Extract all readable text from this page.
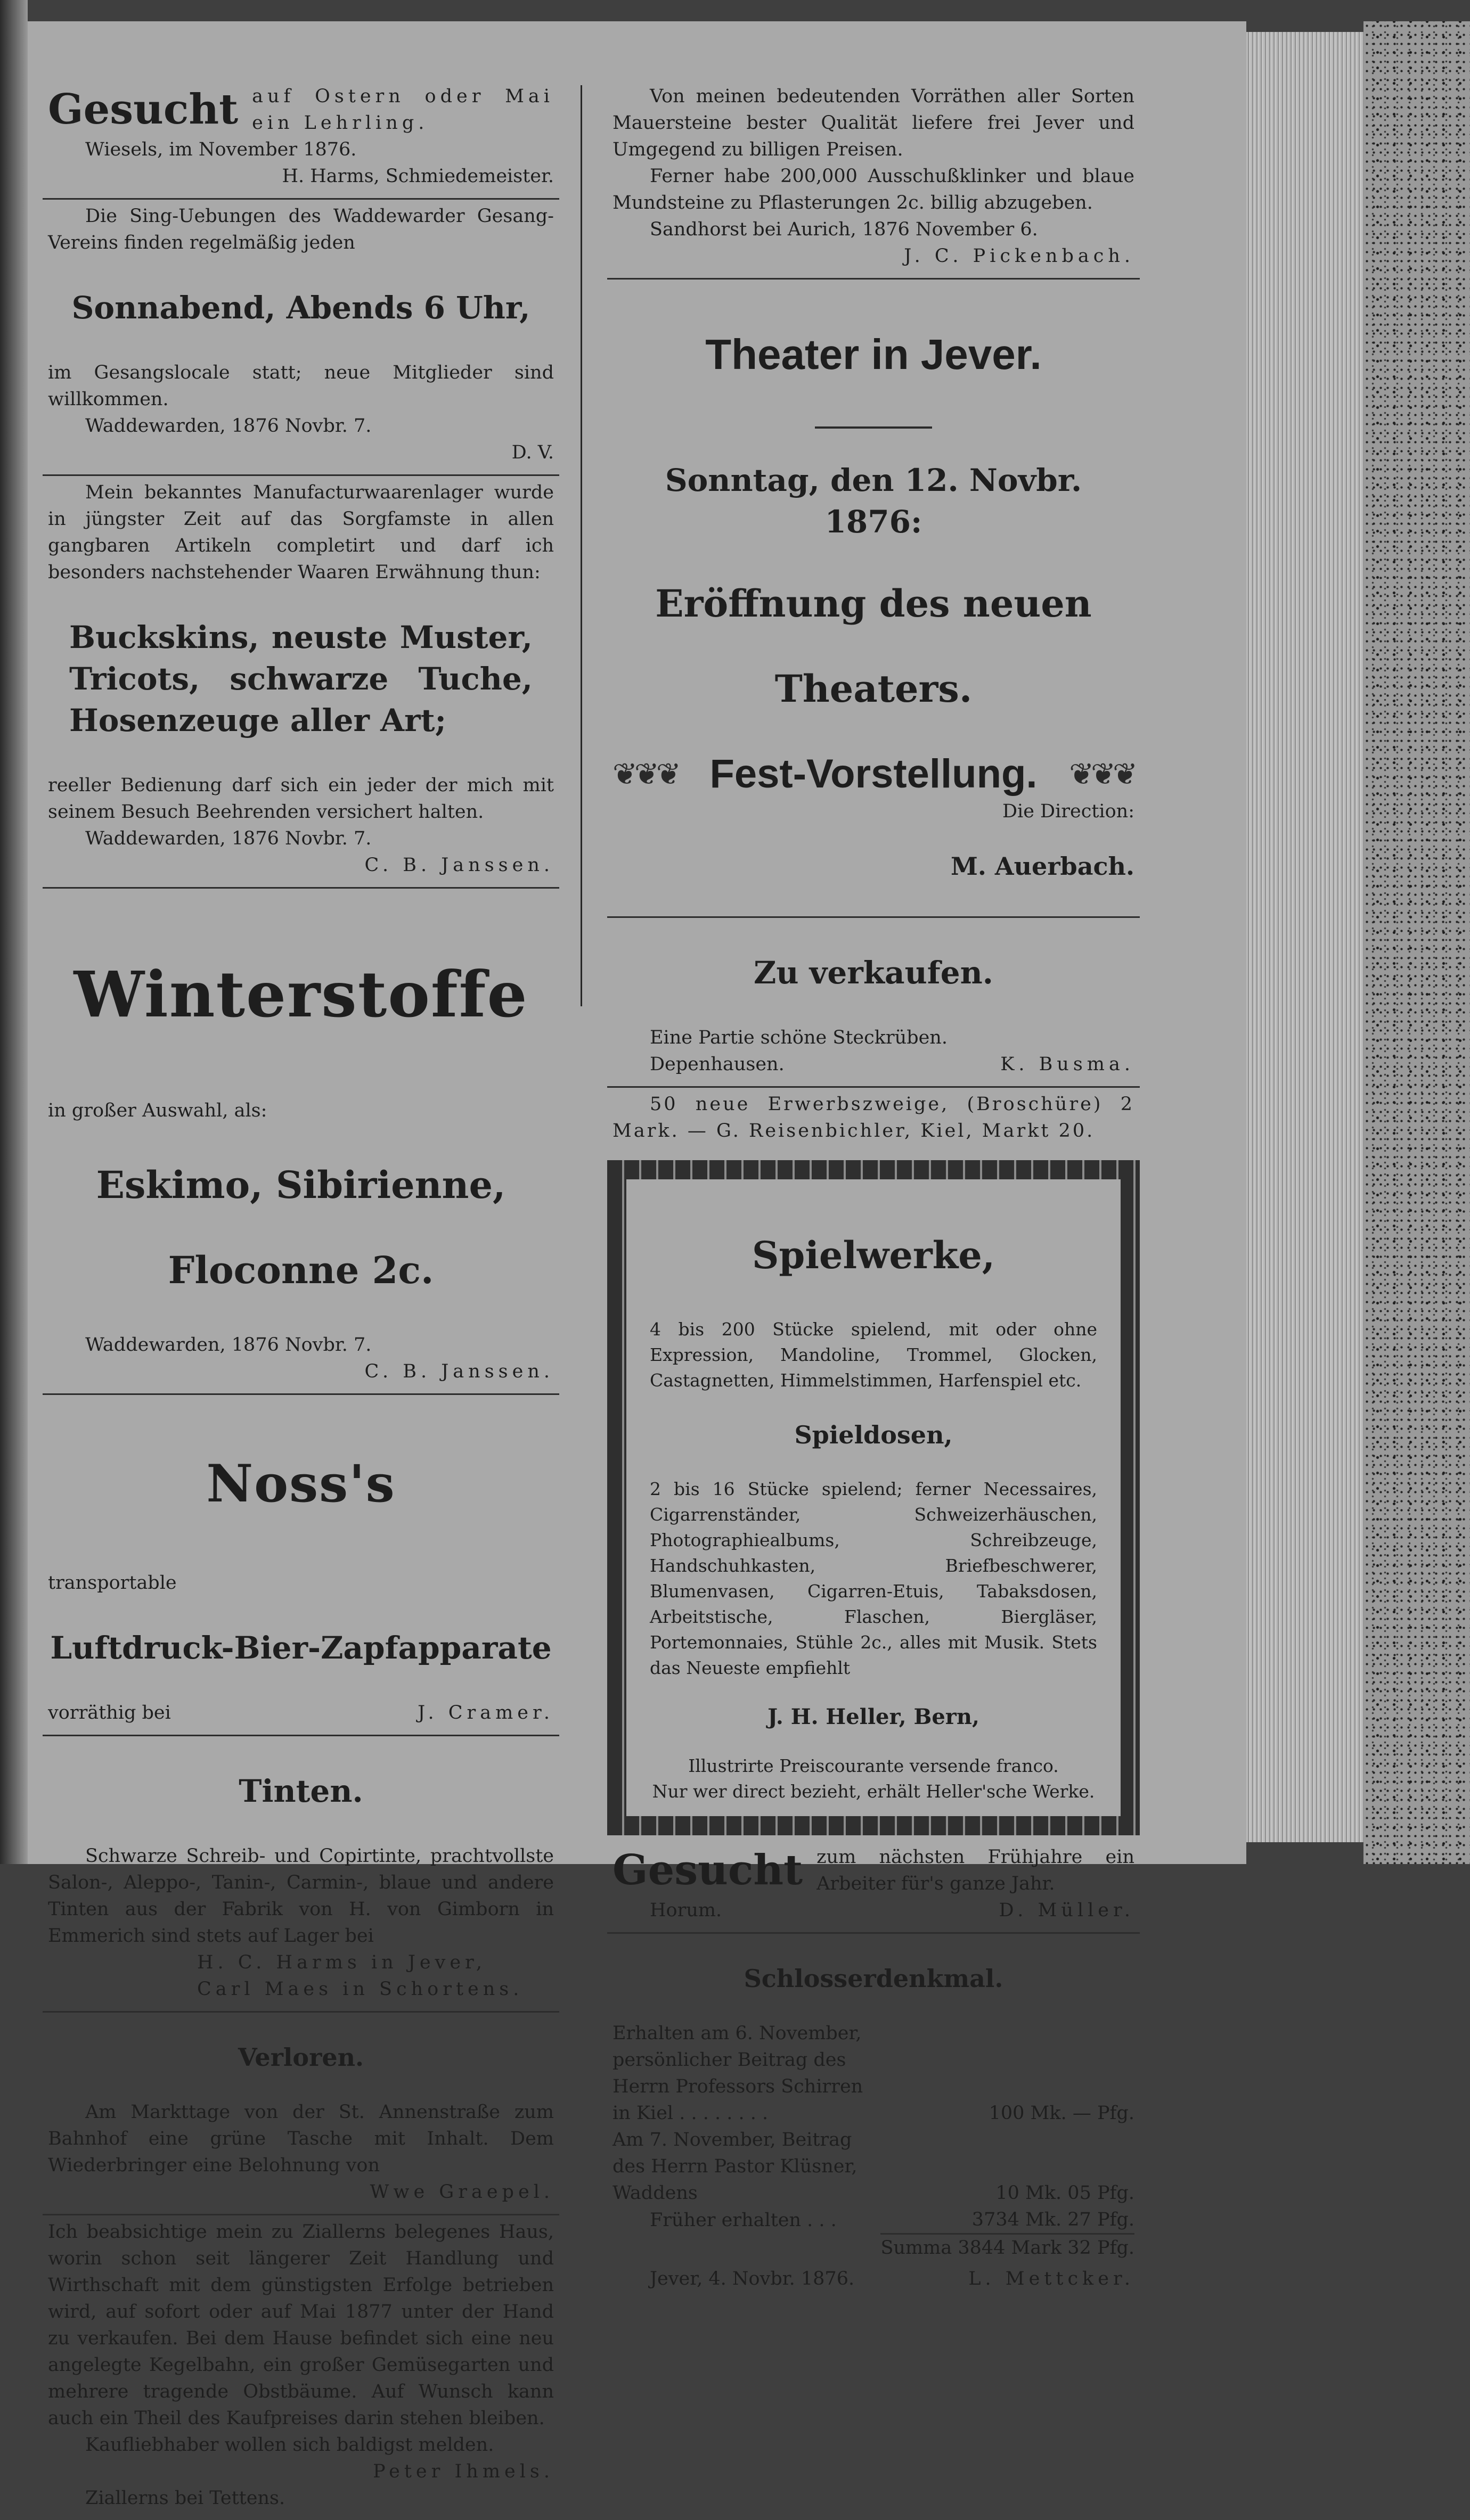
Gesucht auf Ostern oder Mai ein Lehrling.

Wiesels, im November 1876.

H. Harms, Schmiedemeister.

Die Sing-Uebungen des Waddewarder Gesang-Vereins finden regelmäßig jeden

Sonnabend, Abends 6 Uhr,

im Gesangslocale statt; neue Mitglieder sind willkommen.

Waddewarden, 1876 Novbr. 7.

D. V.

Mein bekanntes Manufacturwaarenlager wurde in jüngster Zeit auf das Sorgfamste in allen gangbaren Artikeln completirt und darf ich besonders nachstehender Waaren Erwähnung thun:

Buckskins, neuste Muster, Tricots, schwarze Tuche, Hosenzeuge aller Art;

reeller Bedienung darf sich ein jeder der mich mit seinem Besuch Beehrenden versichert halten.

Waddewarden, 1876 Novbr. 7.

C. B. Janssen.

Winterstoffe

in großer Auswahl, als:

Eskimo, Sibirienne,

Floconne 2c.

Waddewarden, 1876 Novbr. 7.

C. B. Janssen.

Noss's

transportable

Luftdruck-Bier-Zapfapparate

vorräthig bei	J. Cramer.

Tinten.

Schwarze Schreib- und Copirtinte, prachtvollste Salon-, Aleppo-, Tanin-, Carmin-, blaue und andere Tinten aus der Fabrik von H. von Gimborn in Emmerich sind stets auf Lager bei

H. C. Harms in Jever,

Carl Maes in Schortens.

Verloren.

Am Markttage von der St. Annenstraße zum Bahnhof eine grüne Tasche mit Inhalt. Dem Wiederbringer eine Belohnung von

Wwe Graepel.

Ich beabsichtige mein zu Ziallerns belegenes Haus, worin schon seit längerer Zeit Handlung und Wirthschaft mit dem günstigsten Erfolge betrieben wird, auf sofort oder auf Mai 1877 unter der Hand zu verkaufen. Bei dem Hause befindet sich eine neu angelegte Kegelbahn, ein großer Gemüsegarten und mehrere tragende Obstbäume. Auf Wunsch kann auch ein Theil des Kaufpreises darin stehen bleiben.

Kaufliebhaber wollen sich baldigst melden.

Peter Ihmels.

Ziallerns bei Tettens.

Von meinen bedeutenden Vorräthen aller Sorten Mauersteine bester Qualität liefere frei Jever und Umgegend zu billigen Preisen.

Ferner habe 200,000 Ausschußklinker und blaue Mundsteine zu Pflasterungen 2c. billig abzugeben.

Sandhorst bei Aurich, 1876 November 6.

J. C. Pickenbach.

Theater in Jever.

Sonntag, den 12. Novbr. 1876:

Eröffnung des neuen

Theaters.

❦❦❦ Fest-Vorstellung. ❦❦❦

Die Direction:

M. Auerbach.

Zu verkaufen.

Eine Partie schöne Steckrüben.

Depenhausen.	K. Busma.

50 neue Erwerbszweige, (Broschüre) 2 Mark. — G. Reisenbichler, Kiel, Markt 20.

Spielwerke,

4 bis 200 Stücke spielend, mit oder ohne Expression, Mandoline, Trommel, Glocken, Castagnetten, Himmelstimmen, Harfenspiel etc.

Spieldosen,

2 bis 16 Stücke spielend; ferner Necessaires, Cigarrenständer, Schweizerhäuschen, Photographiealbums, Schreibzeuge, Handschuhkasten, Briefbeschwerer, Blumenvasen, Cigarren-Etuis, Tabaksdosen, Arbeitstische, Flaschen, Biergläser, Portemonnaies, Stühle 2c., alles mit Musik. Stets das Neueste empfiehlt

J. H. Heller, Bern,

Illustrirte Preiscourante versende franco.

Nur wer direct bezieht, erhält Heller'sche Werke.

Gesucht zum nächsten Frühjahre ein Arbeiter für's ganze Jahr.

Horum.	D. Müller.

Schlosserdenkmal.

Erhalten am 6. November, persönlicher Beitrag des Herrn Professors Schirren in Kiel . . . . . . . .	100 Mk. — Pfg.
Am 7. November, Beitrag des Herrn Pastor Klüsner, Waddens	10 Mk. 05 Pfg.
Früher erhalten . . .	3734 Mk. 27 Pfg.
	Summa 3844 Mark 32 Pfg.
Jever, 4. Novbr. 1876.	L. Mettcker.
